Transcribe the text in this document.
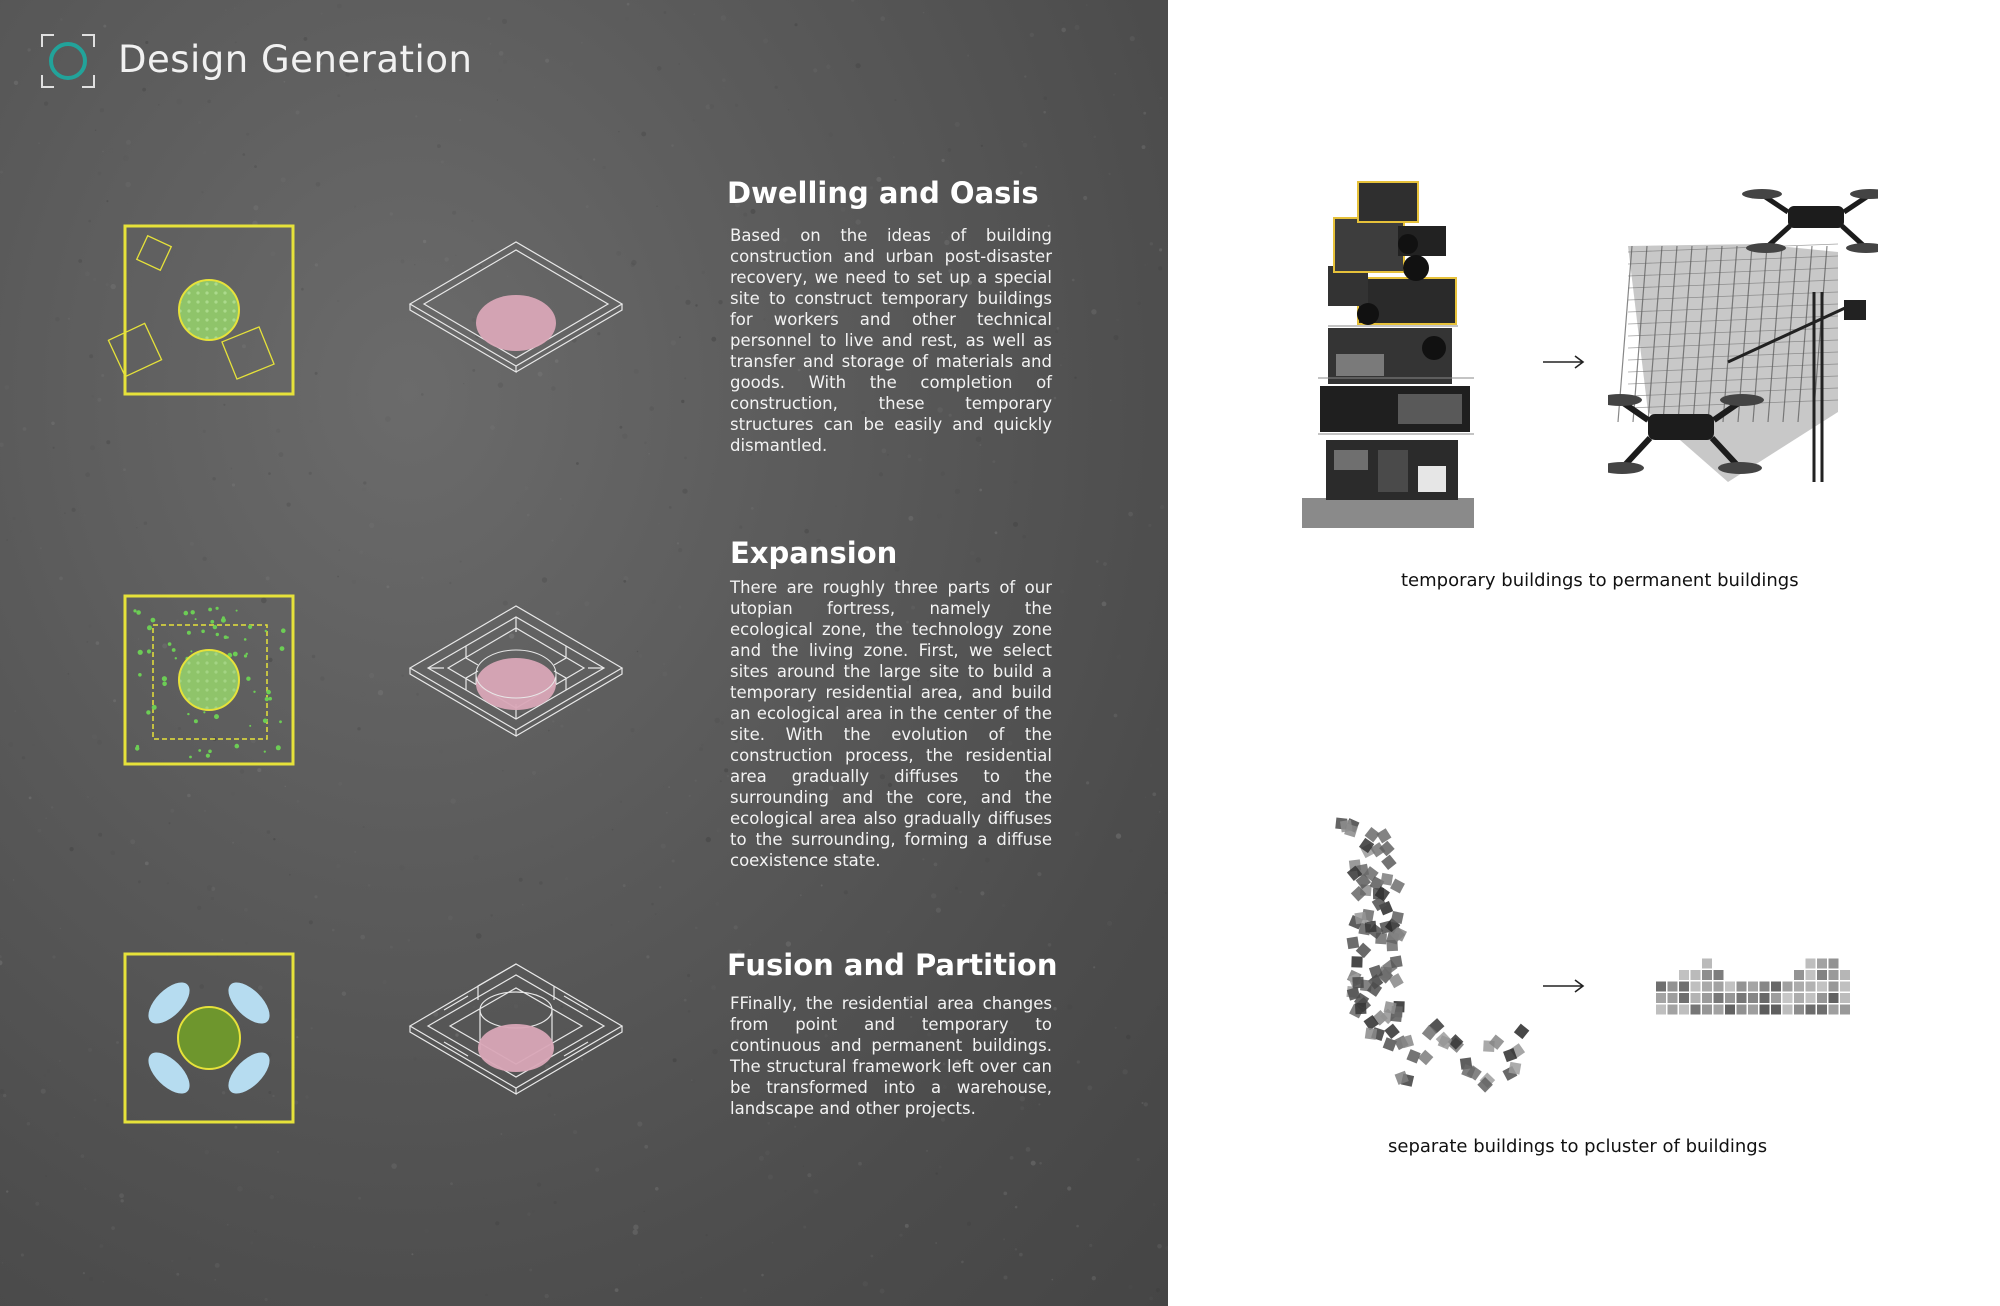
Design Generation
Dwelling and Oasis

Based on the ideas of building construction and urban post-disaster recovery, we need to set up a special site to construct temporary buildings for workers and other technical personnel to live and rest, as well as transfer and storage of materials and goods. With the completion of construction, these temporary structures can be easily and quickly dismantled.

Expansion

There are roughly three parts of our utopian fortress, namely the ecological zone, the technology zone and the living zone. First, we select sites around the large site to build a temporary residential area, and build an ecological area in the center of the site. With the evolution of the construction process, the residential area gradually diffuses to the surrounding and the core, and the ecological area also gradually diffuses to the surrounding, forming a diffuse coexistence state.

Fusion and Partition

FFinally, the residential area changes from point and temporary to continuous and permanent buildings. The structural framework left over can be transformed into a warehouse, landscape and other projects.

temporary buildings to permanent buildings
separate buildings to pcluster of buildings
